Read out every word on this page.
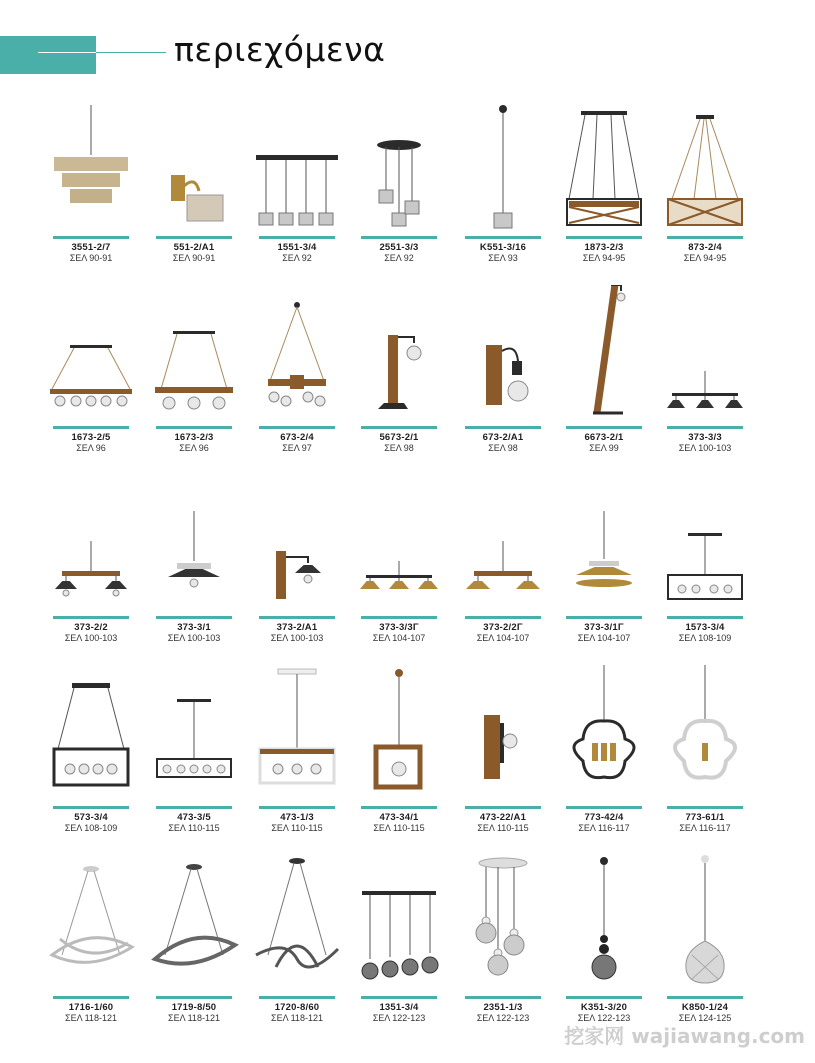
περιεχόμενα
3551-2/7
ΣΕΛ 90-91
551-2/A1
ΣΕΛ 90-91
1551-3/4
ΣΕΛ 92
2551-3/3
ΣΕΛ 92
K551-3/16
ΣΕΛ 93
1873-2/3
ΣΕΛ 94-95
873-2/4
ΣΕΛ 94-95
1673-2/5
ΣΕΛ 96
1673-2/3
ΣΕΛ 96
673-2/4
ΣΕΛ 97
5673-2/1
ΣΕΛ 98
673-2/A1
ΣΕΛ 98
6673-2/1
ΣΕΛ 99
373-3/3
ΣΕΛ 100-103
373-2/2
ΣΕΛ 100-103
373-3/1
ΣΕΛ 100-103
373-2/A1
ΣΕΛ 100-103
373-3/3Γ
ΣΕΛ 104-107
373-2/2Γ
ΣΕΛ 104-107
373-3/1Γ
ΣΕΛ 104-107
1573-3/4
ΣΕΛ 108-109
573-3/4
ΣΕΛ 108-109
473-3/5
ΣΕΛ 110-115
473-1/3
ΣΕΛ 110-115
473-34/1
ΣΕΛ 110-115
473-22/A1
ΣΕΛ 110-115
773-42/4
ΣΕΛ 116-117
773-61/1
ΣΕΛ 116-117
1716-1/60
ΣΕΛ 118-121
1719-8/50
ΣΕΛ 118-121
1720-8/60
ΣΕΛ 118-121
1351-3/4
ΣΕΛ 122-123
2351-1/3
ΣΕΛ 122-123
K351-3/20
ΣΕΛ 122-123
K850-1/24
ΣΕΛ 124-125
挖家网 wajiawang.com
